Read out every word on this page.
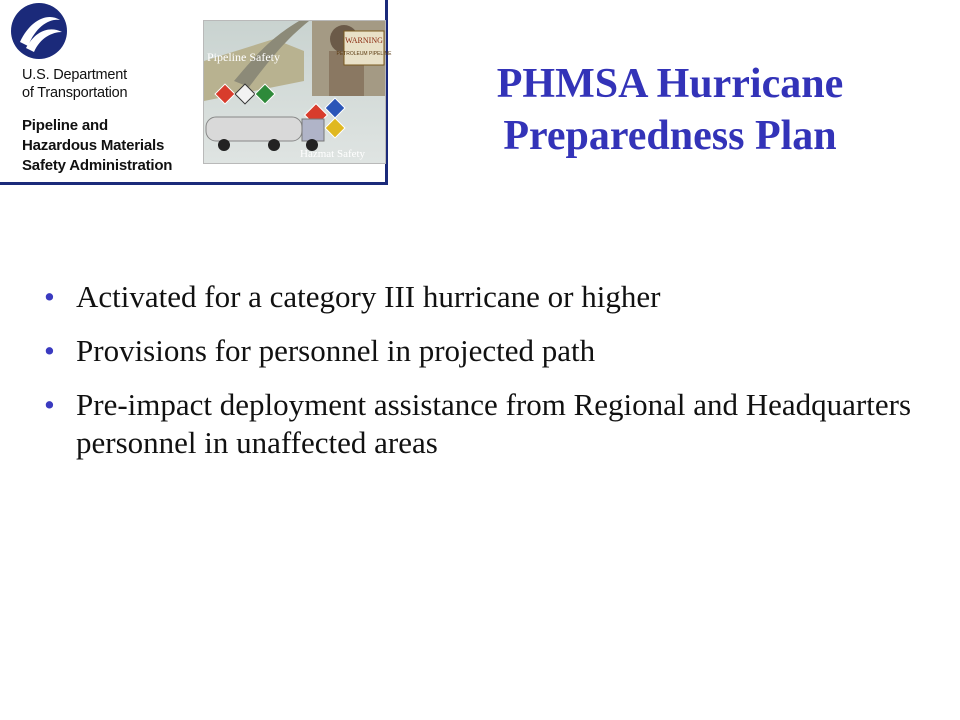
U.S. Department
of Transportation
Pipeline and
Hazardous Materials
Safety Administration
WARNING
PETROLEUM PIPELINE
Pipeline Safety
Hazmat Safety
PHMSA Hurricane
Preparedness Plan
• Activated for a category III hurricane or higher
• Provisions for personnel in projected path
• Pre-impact deployment assistance from Regional and Headquarters personnel in unaffected areas
